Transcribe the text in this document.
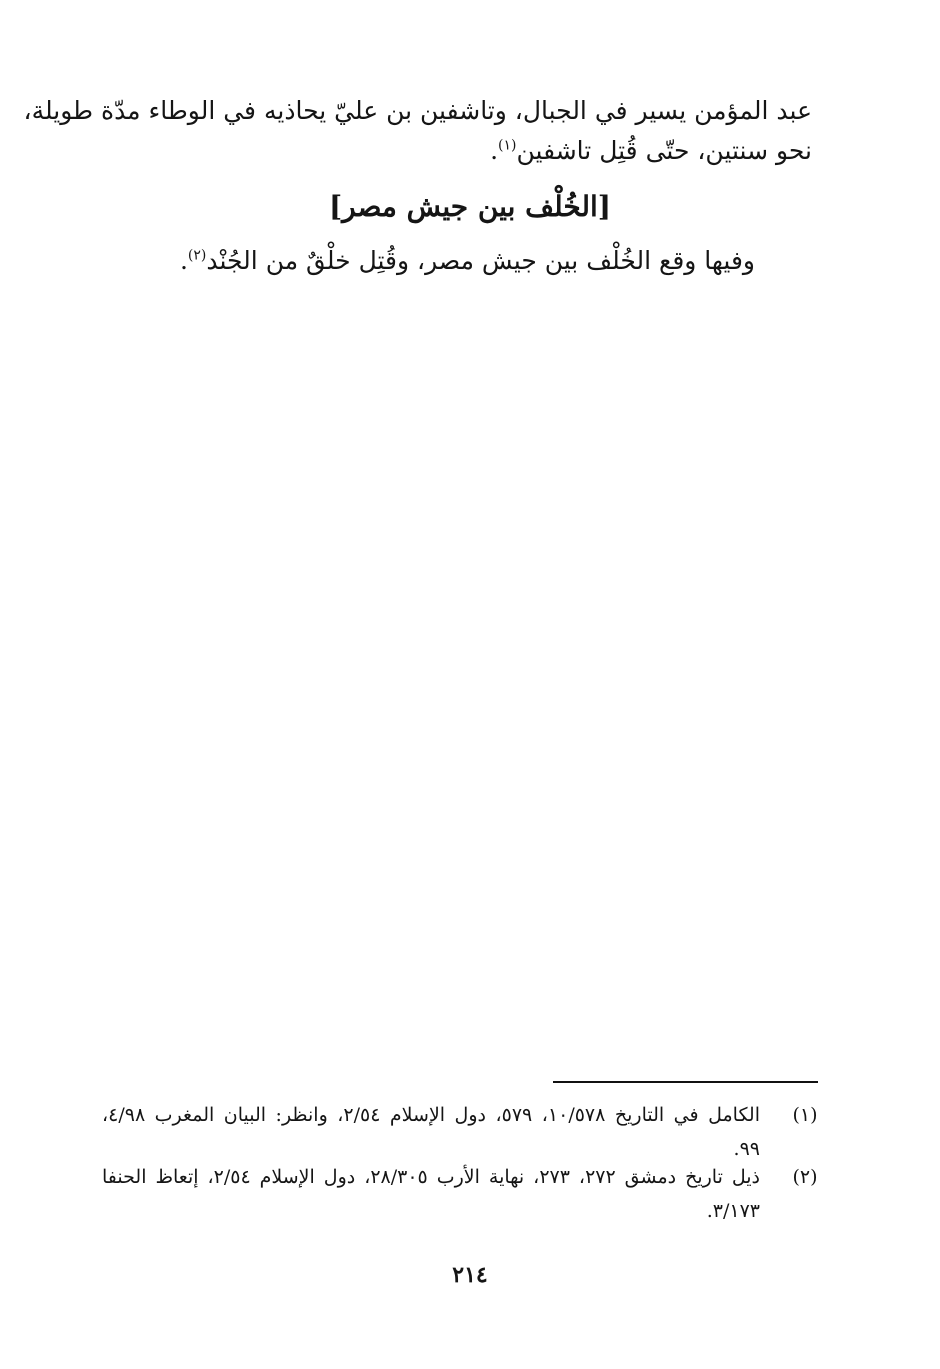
عبد المؤمن يسير في الجبال، وتاشفين بن عليّ يحاذيه في الوطاء مدّة طويلة،
نحو سنتين، حتّى قُتِل تاشفين$^{(١)}$.
[الخُلْف بين جيش مصر]
وفيها وقع الخُلْف بين جيش مصر، وقُتِل خلْقٌ من الجُنْد$^{(٢)}$.
(١)
الكامل في التاريخ ١٠/٥٧٨، ٥٧٩، دول الإسلام ٢/٥٤، وانظر: البيان المغرب ٤/٩٨،
٩٩.
(٢)
ذيل تاريخ دمشق ٢٧٢، ٢٧٣، نهاية الأرب ٢٨/٣٠٥، دول الإسلام ٢/٥٤، إتعاظ الحنفا
٣/١٧٣.
٢١٤
